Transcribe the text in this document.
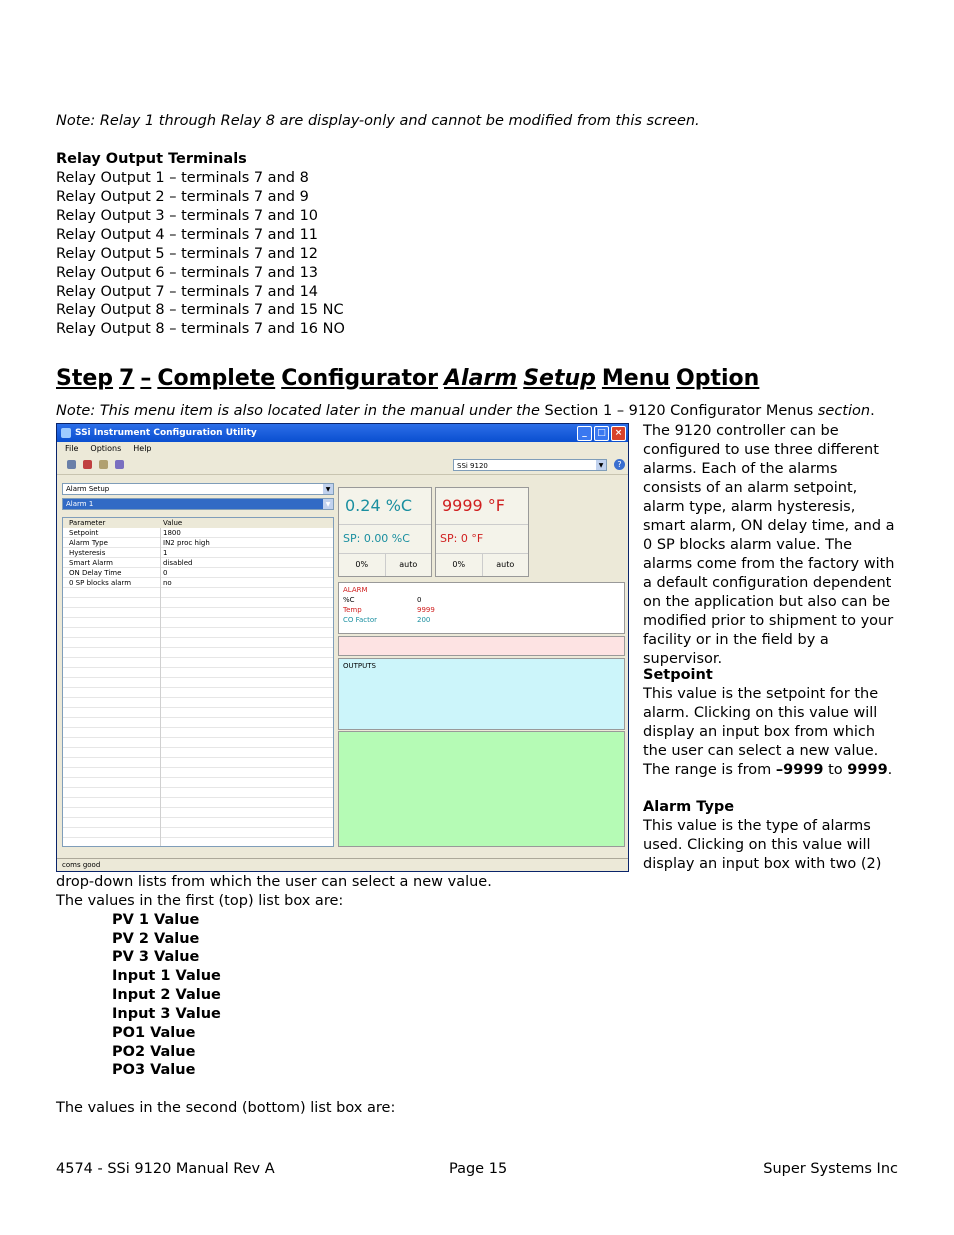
Note: Relay 1 through Relay 8 are display-only and cannot be modified from this screen.
Relay Output Terminals
Relay Output 1 – terminals 7 and 8
Relay Output 2 – terminals 7 and 9
Relay Output 3 – terminals 7 and 10
Relay Output 4 – terminals 7 and 11
Relay Output 5 – terminals 7 and 12
Relay Output 6 – terminals 7 and 13
Relay Output 7 – terminals 7 and 14
Relay Output 8 – terminals 7 and 15 NC
Relay Output 8 – terminals 7 and 16 NO
Step 7 – Complete Configurator Alarm Setup Menu Option
Note: This menu item is also located later in the manual under the Section 1 – 9120 Configurator Menus section.
SSi Instrument Configuration Utility	_	□ ×
File Options Help
SSi 9120	▼	?
Alarm Setup	▼
Alarm 1	▼
Parameter	Value
Setpoint	1800
Alarm Type	IN2 proc high
Hysteresis	1
Smart Alarm	disabled
ON Delay Time	0
0 SP blocks alarm	no
0.24 %C
SP: 0.00 %C
0%	auto
9999 °F
SP: 0 °F
0%	auto
ALARM
%C	0
Temp	9999
CO Factor	200
OUTPUTS
coms good
The 9120 controller can be configured to use three different alarms. Each of the alarms consists of an alarm setpoint, alarm type, alarm hysteresis, smart alarm, ON delay time, and a 0 SP blocks alarm value. The alarms come from the factory with a default configuration dependent on the application but also can be modified prior to shipment to your facility or in the field by a supervisor.
Setpoint
This value is the setpoint for the alarm. Clicking on this value will display an input box from which the user can select a new value. The range is from –9999 to 9999.
Alarm Type
This value is the type of alarms used. Clicking on this value will display an input box with two (2)
drop-down lists from which the user can select a new value.
The values in the first (top) list box are:
PV 1 Value
PV 2 Value
PV 3 Value
Input 1 Value
Input 2 Value
Input 3 Value
PO1 Value
PO2 Value
PO3 Value
The values in the second (bottom) list box are:
4574 - SSi 9120 Manual Rev A	Page 15	Super Systems Inc
